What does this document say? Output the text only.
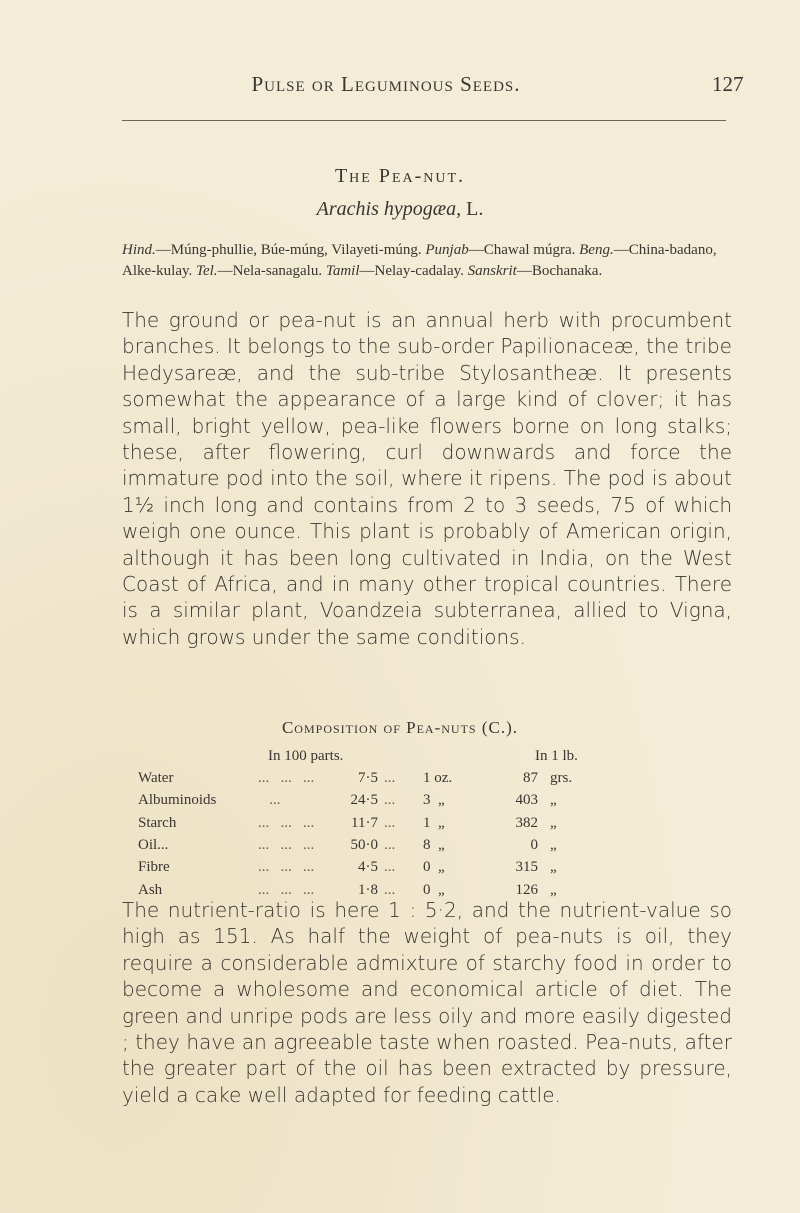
Pulse or Leguminous Seeds.	127
The Pea-nut.
Arachis hypogæa, L.
Hind.—Múng-phullie, Búe-múng, Vilayeti-múng. Punjab—Chawal múgra. Beng.—China-badano, Alke-kulay. Tel.—Nela-sanagalu. Tamil—Nelay-cadalay. Sanskrit—Bochanaka.
The ground or pea-nut is an annual herb with procumbent branches. It belongs to the sub-order Papilionaceæ, the tribe Hedysareæ, and the sub-tribe Stylosantheæ. It presents somewhat the appearance of a large kind of clover; it has small, bright yellow, pea-like flowers borne on long stalks; these, after flowering, curl downwards and force the immature pod into the soil, where it ripens. The pod is about 1½ inch long and contains from 2 to 3 seeds, 75 of which weigh one ounce. This plant is probably of American origin, although it has been long cultivated in India, on the West Coast of Africa, and in many other tropical countries. There is a similar plant, Voandzeia subterranea, allied to Vigna, which grows under the same conditions.
Composition of Pea-nuts (C.).
In 100 parts.	In 1 lb.
Water	...   ...   ...	7·5 ... 1 oz.	87 grs.
Albuminoids	...	24·5 ... 3  „	403 „
Starch	...   ...   ...	11·7 ... 1  „	382 „
Oil...	...   ...   ...	50·0 ... 8  „	0 „
Fibre	...   ...   ...	4·5 ... 0  „	315 „
Ash	...   ...   ...	1·8 ... 0  „	126 „
The nutrient-ratio is here 1 : 5·2, and the nutrient-value so high as 151. As half the weight of pea-nuts is oil, they require a considerable admixture of starchy food in order to become a wholesome and economical article of diet. The green and unripe pods are less oily and more easily digested ; they have an agreeable taste when roasted. Pea-nuts, after the greater part of the oil has been extracted by pressure, yield a cake well adapted for feeding cattle.
